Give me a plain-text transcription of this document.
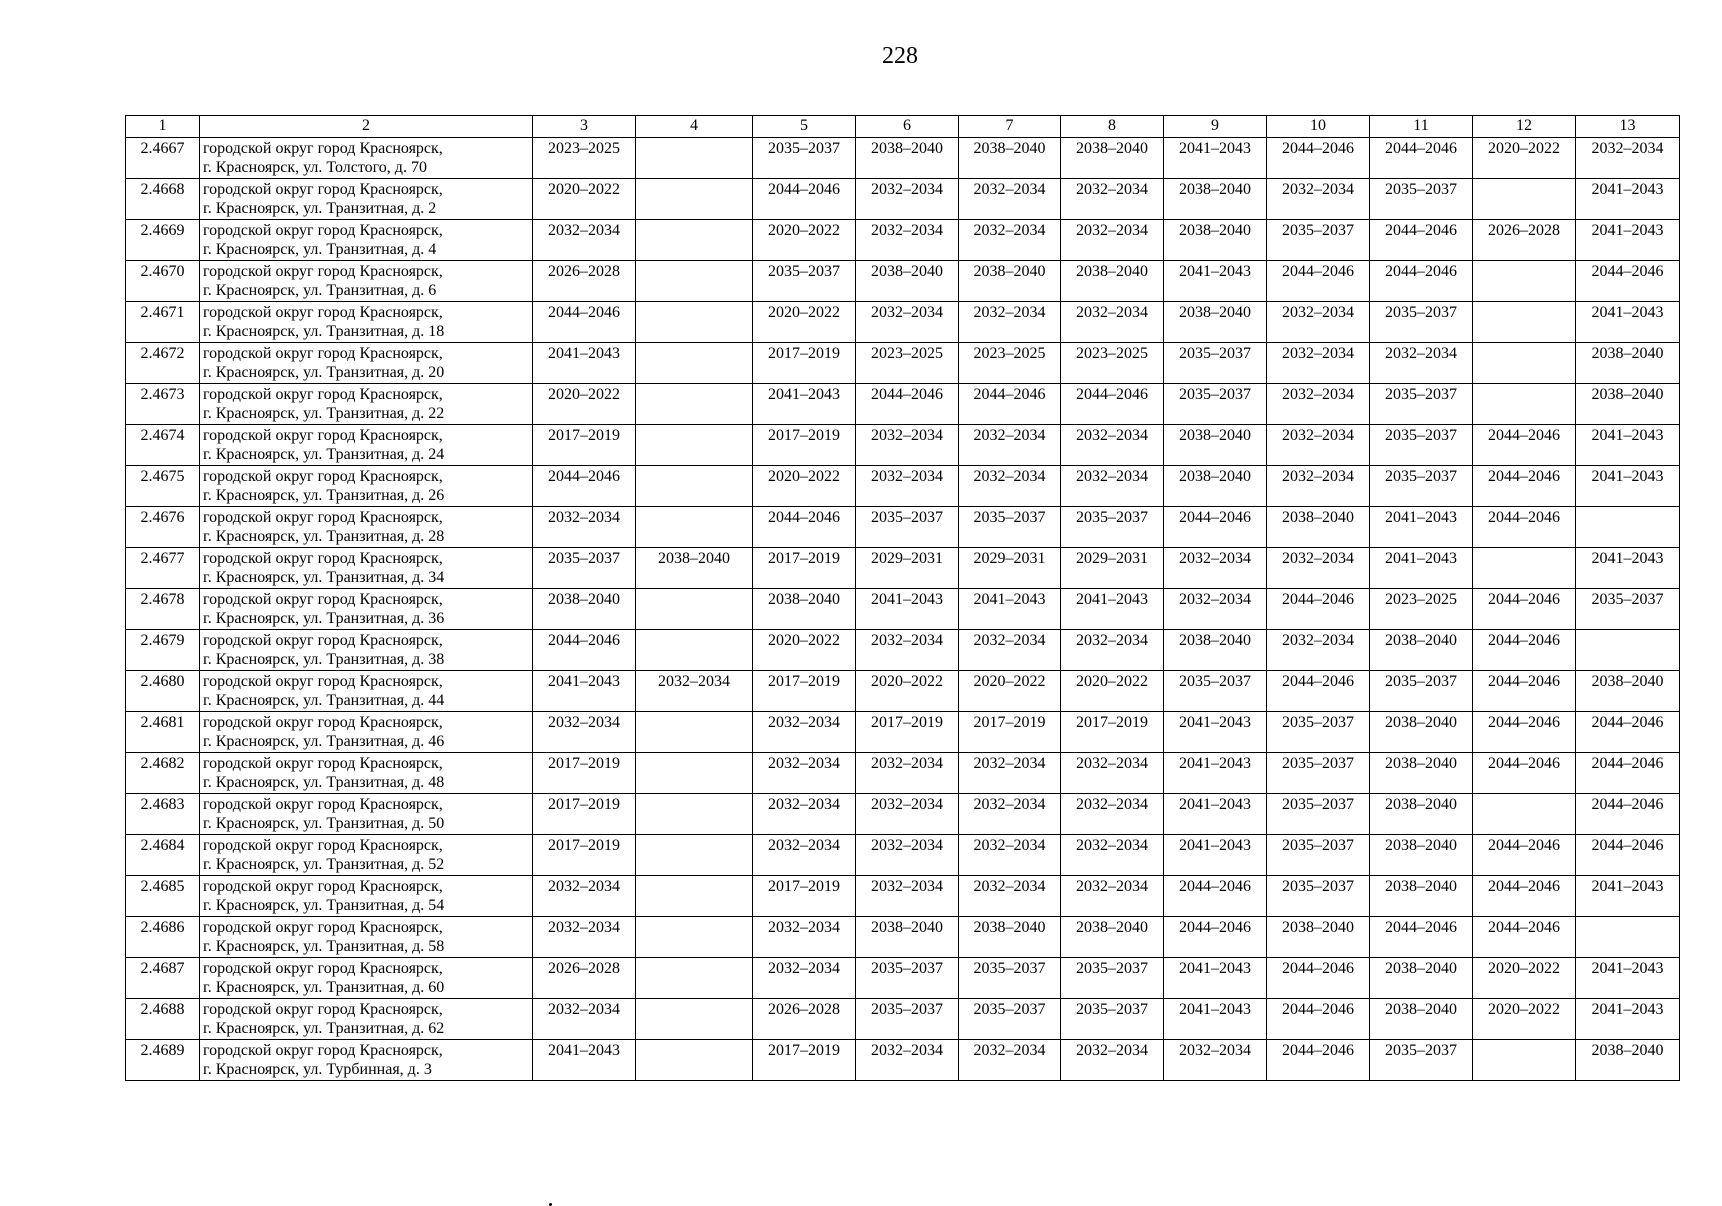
228
1	2	3	4	5	6	7	8	9	10	11	12	13
2.4667	городской округ город Красноярск,
г. Красноярск, ул. Толстого, д. 70	2023–2025		2035–2037	2038–2040	2038–2040	2038–2040	2041–2043	2044–2046	2044–2046	2020–2022	2032–2034
2.4668	городской округ город Красноярск,
г. Красноярск, ул. Транзитная, д. 2	2020–2022		2044–2046	2032–2034	2032–2034	2032–2034	2038–2040	2032–2034	2035–2037		2041–2043
2.4669	городской округ город Красноярск,
г. Красноярск, ул. Транзитная, д. 4	2032–2034		2020–2022	2032–2034	2032–2034	2032–2034	2038–2040	2035–2037	2044–2046	2026–2028	2041–2043
2.4670	городской округ город Красноярск,
г. Красноярск, ул. Транзитная, д. 6	2026–2028		2035–2037	2038–2040	2038–2040	2038–2040	2041–2043	2044–2046	2044–2046		2044–2046
2.4671	городской округ город Красноярск,
г. Красноярск, ул. Транзитная, д. 18	2044–2046		2020–2022	2032–2034	2032–2034	2032–2034	2038–2040	2032–2034	2035–2037		2041–2043
2.4672	городской округ город Красноярск,
г. Красноярск, ул. Транзитная, д. 20	2041–2043		2017–2019	2023–2025	2023–2025	2023–2025	2035–2037	2032–2034	2032–2034		2038–2040
2.4673	городской округ город Красноярск,
г. Красноярск, ул. Транзитная, д. 22	2020–2022		2041–2043	2044–2046	2044–2046	2044–2046	2035–2037	2032–2034	2035–2037		2038–2040
2.4674	городской округ город Красноярск,
г. Красноярск, ул. Транзитная, д. 24	2017–2019		2017–2019	2032–2034	2032–2034	2032–2034	2038–2040	2032–2034	2035–2037	2044–2046	2041–2043
2.4675	городской округ город Красноярск,
г. Красноярск, ул. Транзитная, д. 26	2044–2046		2020–2022	2032–2034	2032–2034	2032–2034	2038–2040	2032–2034	2035–2037	2044–2046	2041–2043
2.4676	городской округ город Красноярск,
г. Красноярск, ул. Транзитная, д. 28	2032–2034		2044–2046	2035–2037	2035–2037	2035–2037	2044–2046	2038–2040	2041–2043	2044–2046	
2.4677	городской округ город Красноярск,
г. Красноярск, ул. Транзитная, д. 34	2035–2037	2038–2040	2017–2019	2029–2031	2029–2031	2029–2031	2032–2034	2032–2034	2041–2043		2041–2043
2.4678	городской округ город Красноярск,
г. Красноярск, ул. Транзитная, д. 36	2038–2040		2038–2040	2041–2043	2041–2043	2041–2043	2032–2034	2044–2046	2023–2025	2044–2046	2035–2037
2.4679	городской округ город Красноярск,
г. Красноярск, ул. Транзитная, д. 38	2044–2046		2020–2022	2032–2034	2032–2034	2032–2034	2038–2040	2032–2034	2038–2040	2044–2046	
2.4680	городской округ город Красноярск,
г. Красноярск, ул. Транзитная, д. 44	2041–2043	2032–2034	2017–2019	2020–2022	2020–2022	2020–2022	2035–2037	2044–2046	2035–2037	2044–2046	2038–2040
2.4681	городской округ город Красноярск,
г. Красноярск, ул. Транзитная, д. 46	2032–2034		2032–2034	2017–2019	2017–2019	2017–2019	2041–2043	2035–2037	2038–2040	2044–2046	2044–2046
2.4682	городской округ город Красноярск,
г. Красноярск, ул. Транзитная, д. 48	2017–2019		2032–2034	2032–2034	2032–2034	2032–2034	2041–2043	2035–2037	2038–2040	2044–2046	2044–2046
2.4683	городской округ город Красноярск,
г. Красноярск, ул. Транзитная, д. 50	2017–2019		2032–2034	2032–2034	2032–2034	2032–2034	2041–2043	2035–2037	2038–2040		2044–2046
2.4684	городской округ город Красноярск,
г. Красноярск, ул. Транзитная, д. 52	2017–2019		2032–2034	2032–2034	2032–2034	2032–2034	2041–2043	2035–2037	2038–2040	2044–2046	2044–2046
2.4685	городской округ город Красноярск,
г. Красноярск, ул. Транзитная, д. 54	2032–2034		2017–2019	2032–2034	2032–2034	2032–2034	2044–2046	2035–2037	2038–2040	2044–2046	2041–2043
2.4686	городской округ город Красноярск,
г. Красноярск, ул. Транзитная, д. 58	2032–2034		2032–2034	2038–2040	2038–2040	2038–2040	2044–2046	2038–2040	2044–2046	2044–2046	
2.4687	городской округ город Красноярск,
г. Красноярск, ул. Транзитная, д. 60	2026–2028		2032–2034	2035–2037	2035–2037	2035–2037	2041–2043	2044–2046	2038–2040	2020–2022	2041–2043
2.4688	городской округ город Красноярск,
г. Красноярск, ул. Транзитная, д. 62	2032–2034		2026–2028	2035–2037	2035–2037	2035–2037	2041–2043	2044–2046	2038–2040	2020–2022	2041–2043
2.4689	городской округ город Красноярск,
г. Красноярск, ул. Турбинная, д. 3	2041–2043		2017–2019	2032–2034	2032–2034	2032–2034	2032–2034	2044–2046	2035–2037		2038–2040
